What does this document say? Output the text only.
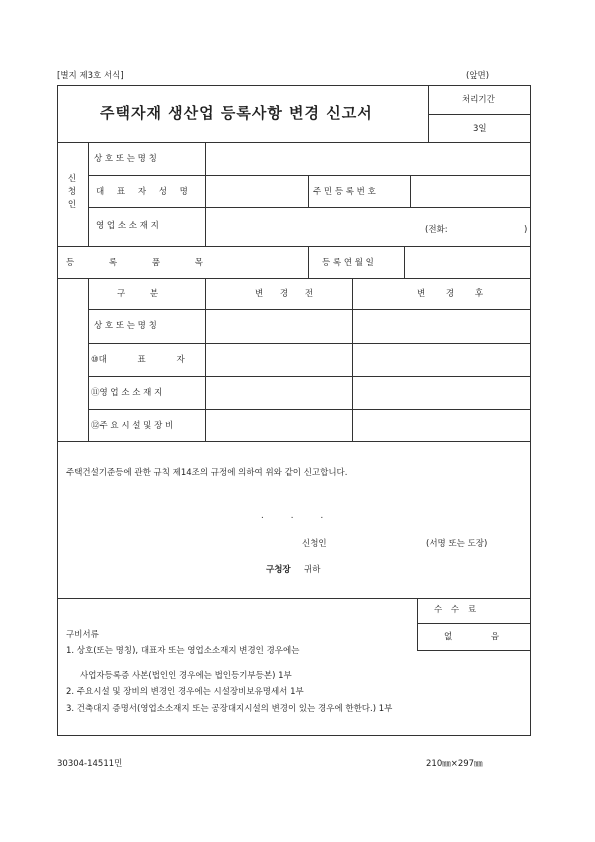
[별지 제3호 서식]	(앞면)
주택자재 생산업 등록사항 변경 신고서
처리기간
3일
신
청
인
상 호 또 는 명 칭
대 표 자 성 명	주 민 등 록 번 호
영 업 소 소 재 지	(전화:	)
등 록 품 목	등 록 연 월 일
구 분	변 경 전	변 경 후
상 호 또 는 명 칭
⑩대 표 자
⑪영 업 소 소 재 지
⑫주 요 시 설 및 장 비
주택건설기준등에 관한 규칙 제14조의 규정에 의하여 위와 같이 신고합니다.
.          .          .
신청인	(서명 또는 도장)
구청장 귀하
수 수 료
없 음
구비서류
1. 상호(또는 명칭), 대표자 또는 영업소소재지 변경인 경우에는
사업자등록증 사본(법인인 경우에는 법인등기부등본) 1부
2. 주요시설 및 장비의 변경인 경우에는 시설장비보유명세서 1부
3. 건축대지 증명서(영업소소재지 또는 공장대지시설의 변경이 있는 경우에 한한다.) 1부
30304-14511민	210㎜×297㎜
